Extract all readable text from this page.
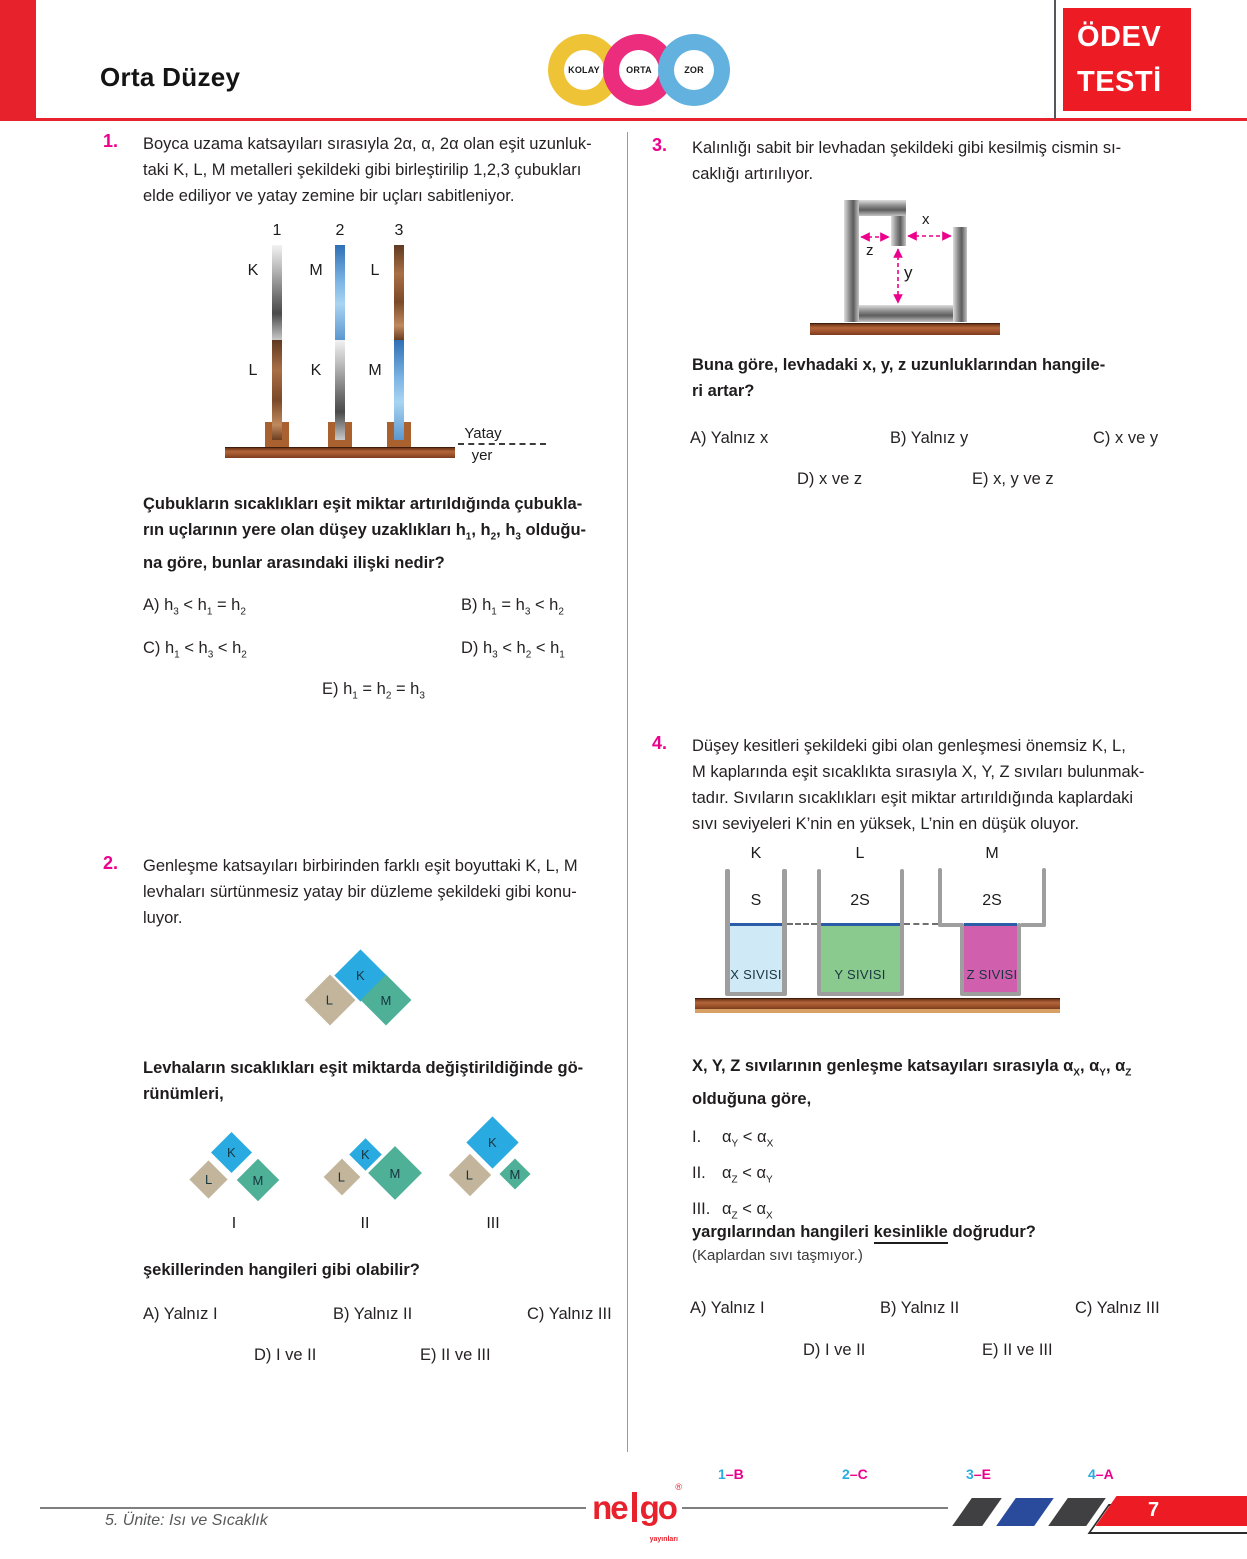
Orta Düzey	KOLAY	ORTA	ZOR
ÖDEV
TESTİ
1. Boyca uzama katsayıları sırasıyla 2α, α, 2α olan eşit uzunluk-
taki K, L, M metalleri şekildeki gibi birleştirilip 1,2,3 çubukları
elde ediliyor ve yatay zemine bir uçları sabitleniyor.
1	2	3
K	M	L
L	K	M
Yatay
yer
Çubukların sıcaklıkları eşit miktar artırıldığında çubukla-
rın uçlarının yere olan düşey uzaklıkları $h_1$, $h_2$, $h_3$ olduğu-
na göre, bunlar arasındaki ilişki nedir?
A) $h_3 < h_1 = h_2$	B) $h_1 = h_3 < h_2$
C) $h_1 < h_3 < h_2$	D) $h_3 < h_2 < h_1$
E) $h_1 = h_2 = h_3$
2. Genleşme katsayıları birbirinden farklı eşit boyuttaki K, L, M
levhaları sürtünmesiz yatay bir düzleme şekildeki gibi konu-
luyor.
L
K
M
Levhaların sıcaklıkları eşit miktarda değiştirildiğinde gö-
rünümleri,
L
K
M
I
L
K
M
II
L	M
K
III
şekillerinden hangileri gibi olabilir?
A) Yalnız I	B) Yalnız II	C) Yalnız III
D) I ve II	E) II ve III
3. Kalınlığı sabit bir levhadan şekildeki gibi kesilmiş cismin sı-
caklığı artırılıyor.
z
x
y
Buna göre, levhadaki x, y, z uzunluklarından hangile-
ri artar?
A) Yalnız x	B) Yalnız y	C) x ve y
D) x ve z	E) x, y ve z
4. Düşey kesitleri şekildeki gibi olan genleşmesi önemsiz K, L,
M kaplarında eşit sıcaklıkta sırasıyla X, Y, Z sıvıları bulunmak-
tadır. Sıvıların sıcaklıkları eşit miktar artırıldığında kaplardaki
sıvı seviyeleri K’nin en yüksek, L’nin en düşük oluyor.
K	L	M
S
X SIVISI
2S
Y SIVISI
2S
Z SIVISI
X, Y, Z sıvılarının genleşme katsayıları sırasıyla $\alpha_X$, $\alpha_Y$, $\alpha_Z$
olduğuna göre,
I. $\alpha_Y < \alpha_X$
II. $\alpha_Z < \alpha_Y$
III. $\alpha_Z < \alpha_X$
yargılarından hangileri kesinlikle doğrudur?
(Kaplardan sıvı taşmıyor.)
A) Yalnız I	B) Yalnız II	C) Yalnız III
D) I ve II	E) II ve III
1–B	2–C	3–E	4–A
5. Ünite: Isı ve Sıcaklık	ne go
®
yayınları
7
